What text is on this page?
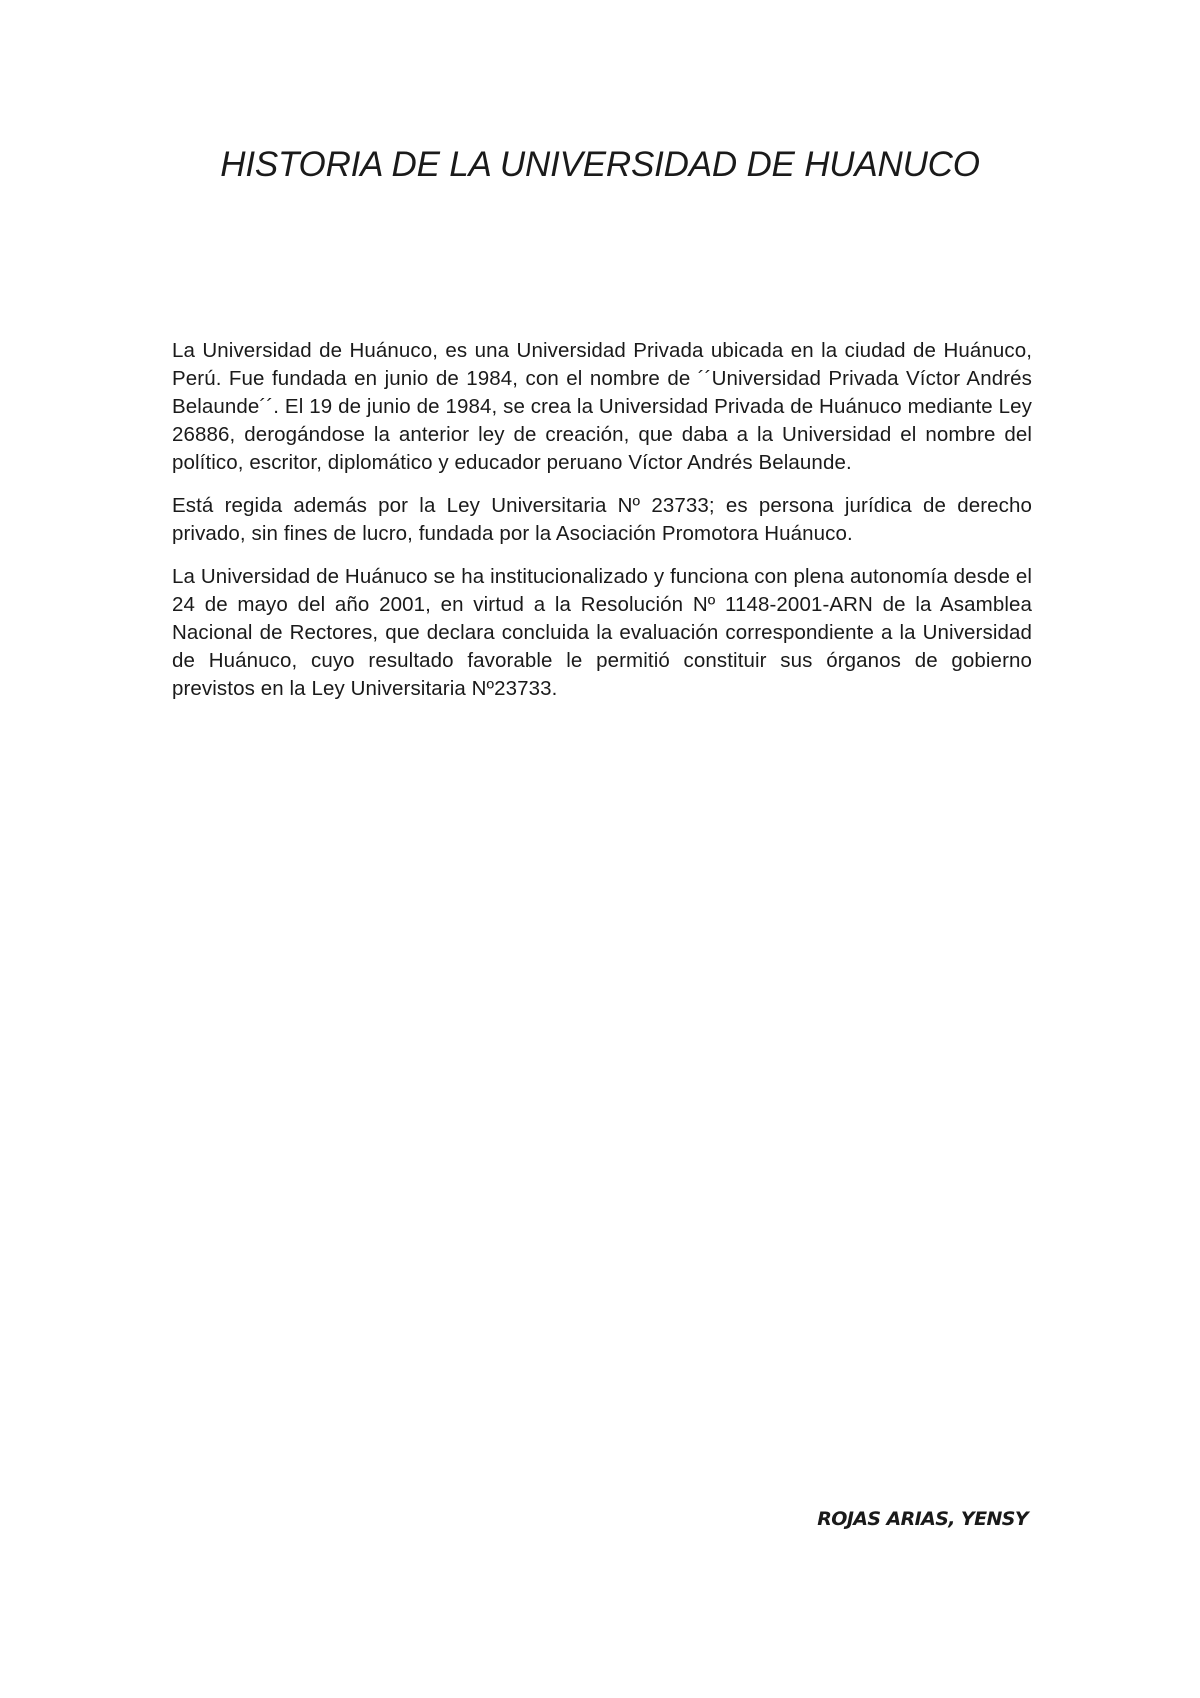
HISTORIA DE LA UNIVERSIDAD DE HUANUCO

La Universidad de Huánuco, es una Universidad Privada ubicada en la ciudad de Huánuco, Perú. Fue fundada en junio de 1984, con el nombre de ´´Universidad Privada Víctor Andrés Belaunde´´. El 19 de junio de 1984, se crea la Universidad Privada de Huánuco mediante Ley 26886, derogándose la anterior ley de creación, que daba a la Universidad el nombre del político, escritor, diplomático y educador peruano Víctor Andrés Belaunde.

Está regida además por la Ley Universitaria Nº 23733; es persona jurídica de derecho privado, sin fines de lucro, fundada por la Asociación Promotora Huánuco.

La Universidad de Huánuco se ha institucionalizado y funciona con plena autonomía desde el 24 de mayo del año 2001, en virtud a la Resolución Nº 1148-2001-ARN de la Asamblea Nacional de Rectores, que declara concluida la evaluación correspondiente a la Universidad de Huánuco, cuyo resultado favorable le permitió constituir sus órganos de gobierno previstos en la Ley Universitaria Nº23733.

ROJAS ARIAS, YENSY
